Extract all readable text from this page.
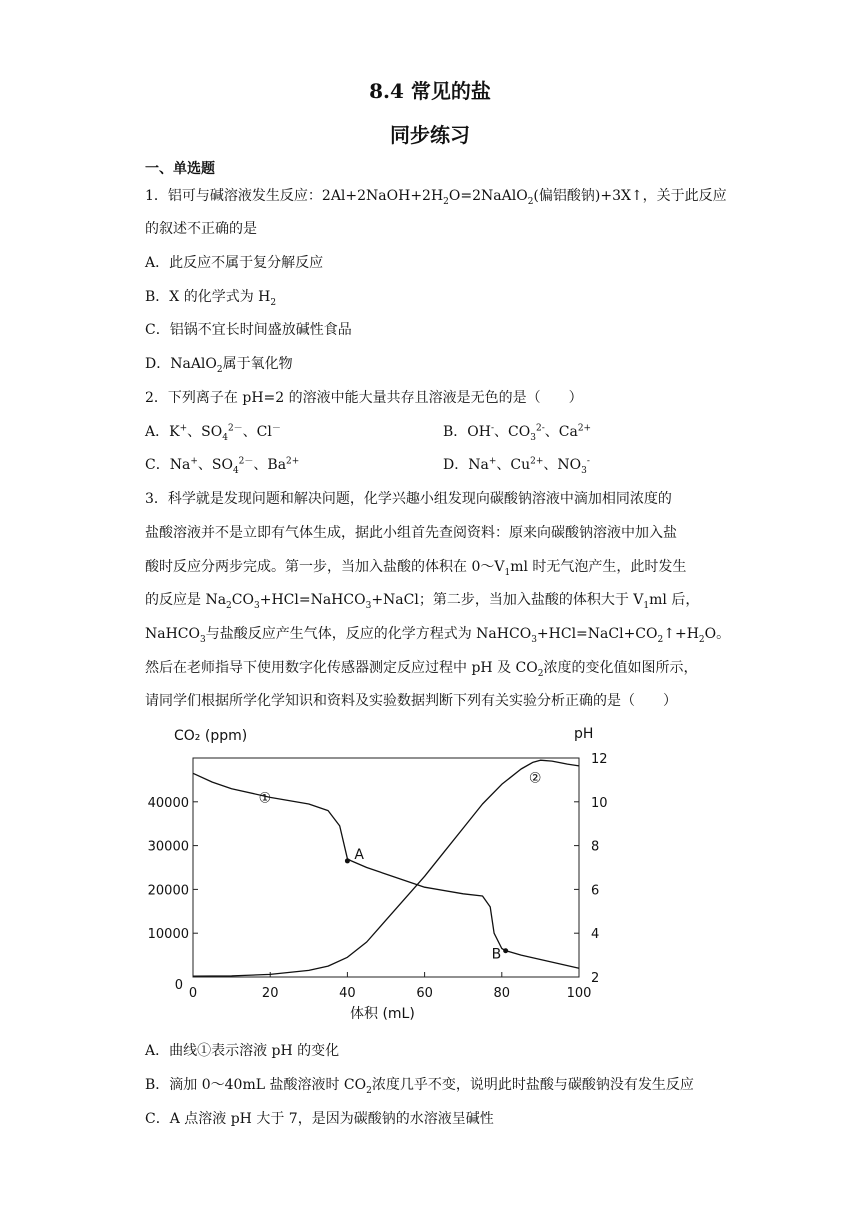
8.4 常见的盐
同步练习
一、单选题
1．铝可与碱溶液发生反应：$2Al+2NaOH+2H_2O=2NaAlO_2$(偏铝酸钠)+3X↑，关于此反应
的叙述不正确的是
A．此反应不属于复分解反应
B．X 的化学式为 $H_2$
C．铝锅不宜长时间盛放碱性食品
D．NaAlO$_2$属于氧化物
2．下列离子在 pH=2 的溶液中能大量共存且溶液是无色的是（　　）
A．K+、$SO_4^{2-}$、Cl－	B．OH-、$CO_3^{2-}$、$Ca^{2+}$
C．Na+、$SO_4^{2-}$、$Ba^{2+}$	D．Na+、$Cu^{2+}$、$NO_3^-$
3．科学就是发现问题和解决问题，化学兴趣小组发现向碳酸钠溶液中滴加相同浓度的
盐酸溶液并不是立即有气体生成，据此小组首先查阅资料：原来向碳酸钠溶液中加入盐
酸时反应分两步完成。第一步，当加入盐酸的体积在 $0\sim V_1ml$ 时无气泡产生，此时发生
的反应是 $Na_2CO_3+HCl=NaHCO_3+NaCl$；第二步，当加入盐酸的体积大于 $V_1ml$ 后，
NaHCO$_3$与盐酸反应产生气体，反应的化学方程式为 $NaHCO_3+HCl=NaCl+CO_2↑+H_2O$。
然后在老师指导下使用数字化传感器测定反应过程中 pH 及 $CO_2$浓度的变化值如图所示，
请同学们根据所学化学知识和资料及实验数据判断下列有关实验分析正确的是（　　）
CO₂ (ppm)	pH
体积 (mL)
0	20	40	60	80	100
0
10000
20000
30000
40000
2
4
6
8
10
12
①
②
A
B
A．曲线①表示溶液 pH 的变化
B．滴加 0～40mL 盐酸溶液时 $CO_2$浓度几乎不变，说明此时盐酸与碳酸钠没有发生反应
C．A 点溶液 pH 大于 7，是因为碳酸钠的水溶液呈碱性
